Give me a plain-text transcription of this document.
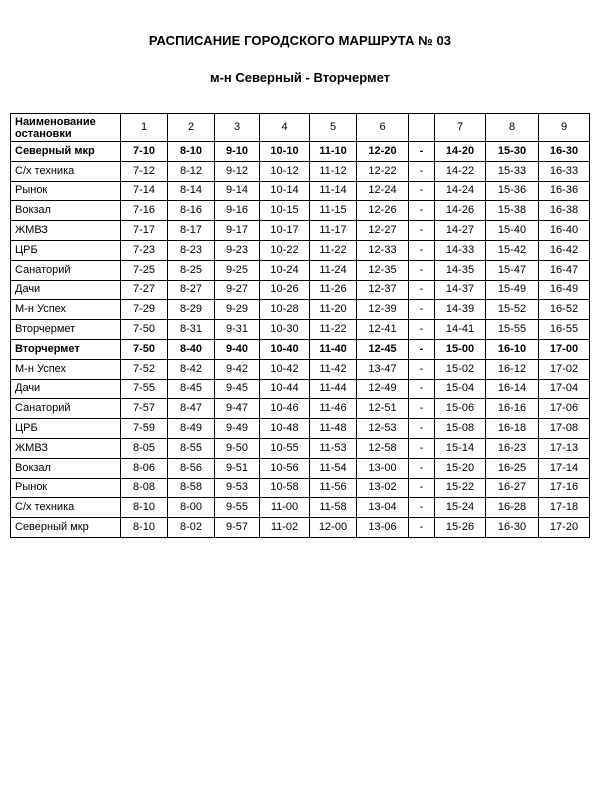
РАСПИСАНИЕ ГОРОДСКОГО МАРШРУТА № 03
м-н Северный - Вторчермет
Наименование
остановки	1	2	3	4	5	6		7	8	9
Северный мкр	7-10	8-10	9-10	10-10	11-10	12-20	-	14-20	15-30	16-30
С/х техника	7-12	8-12	9-12	10-12	11-12	12-22	-	14-22	15-33	16-33
Рынок	7-14	8-14	9-14	10-14	11-14	12-24	-	14-24	15-36	16-36
Вокзал	7-16	8-16	9-16	10-15	11-15	12-26	-	14-26	15-38	16-38
ЖМВЗ	7-17	8-17	9-17	10-17	11-17	12-27	-	14-27	15-40	16-40
ЦРБ	7-23	8-23	9-23	10-22	11-22	12-33	-	14-33	15-42	16-42
Санаторий	7-25	8-25	9-25	10-24	11-24	12-35	-	14-35	15-47	16-47
Дачи	7-27	8-27	9-27	10-26	11-26	12-37	-	14-37	15-49	16-49
М-н Успех	7-29	8-29	9-29	10-28	11-20	12-39	-	14-39	15-52	16-52
Вторчермет	7-50	8-31	9-31	10-30	11-22	12-41	-	14-41	15-55	16-55
Вторчермет	7-50	8-40	9-40	10-40	11-40	12-45	-	15-00	16-10	17-00
М-н Успех	7-52	8-42	9-42	10-42	11-42	13-47	-	15-02	16-12	17-02
Дачи	7-55	8-45	9-45	10-44	11-44	12-49	-	15-04	16-14	17-04
Санаторий	7-57	8-47	9-47	10-46	11-46	12-51	-	15-06	16-16	17-06
ЦРБ	7-59	8-49	9-49	10-48	11-48	12-53	-	15-08	16-18	17-08
ЖМВЗ	8-05	8-55	9-50	10-55	11-53	12-58	-	15-14	16-23	17-13
Вокзал	8-06	8-56	9-51	10-56	11-54	13-00	-	15-20	16-25	17-14
Рынок	8-08	8-58	9-53	10-58	11-56	13-02	-	15-22	16-27	17-16
С/х техника	8-10	8-00	9-55	11-00	11-58	13-04	-	15-24	16-28	17-18
Северный мкр	8-10	8-02	9-57	11-02	12-00	13-06	-	15-26	16-30	17-20
